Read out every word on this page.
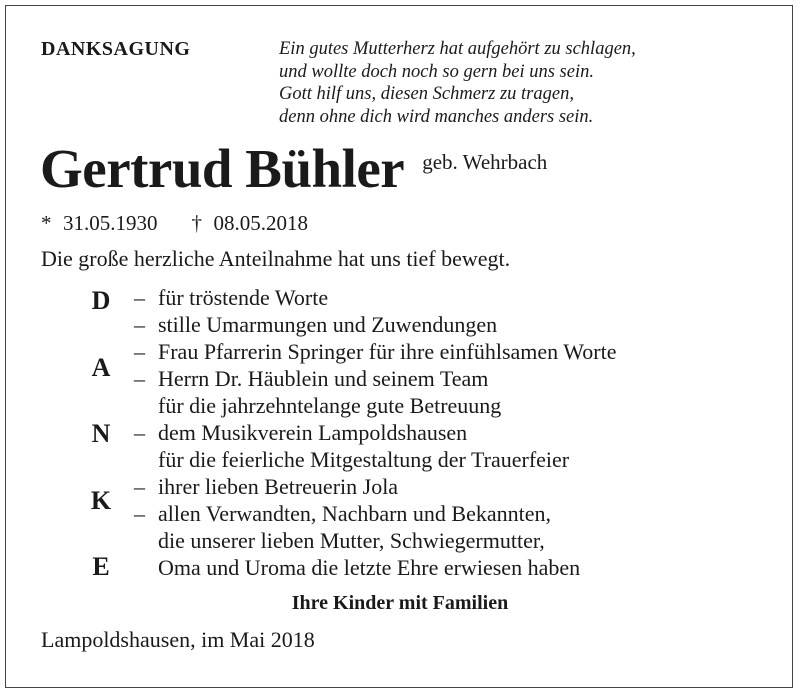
DANKSAGUNG	Ein gutes Mutterherz hat aufgehört zu schlagen,
und wollte doch noch so gern bei uns sein.
Gott hilf uns, diesen Schmerz zu tragen,
denn ohne dich wird manches anders sein.
Gertrud Bühler geb. Wehrbach
* 31.05.1930 † 08.05.2018
Die große herzliche Anteilnahme hat uns tief bewegt.
D
A
N
K
E
– für tröstende Worte
– stille Umarmungen und Zuwendungen
– Frau Pfarrerin Springer für ihre einfühlsamen Worte
– Herrn Dr. Häublein und seinem Team
für die jahrzehntelange gute Betreuung
– dem Musikverein Lampoldshausen
für die feierliche Mitgestaltung der Trauerfeier
– ihrer lieben Betreuerin Jola
– allen Verwandten, Nachbarn und Bekannten,
die unserer lieben Mutter, Schwiegermutter,
Oma und Uroma die letzte Ehre erwiesen haben
Ihre Kinder mit Familien
Lampoldshausen, im Mai 2018
